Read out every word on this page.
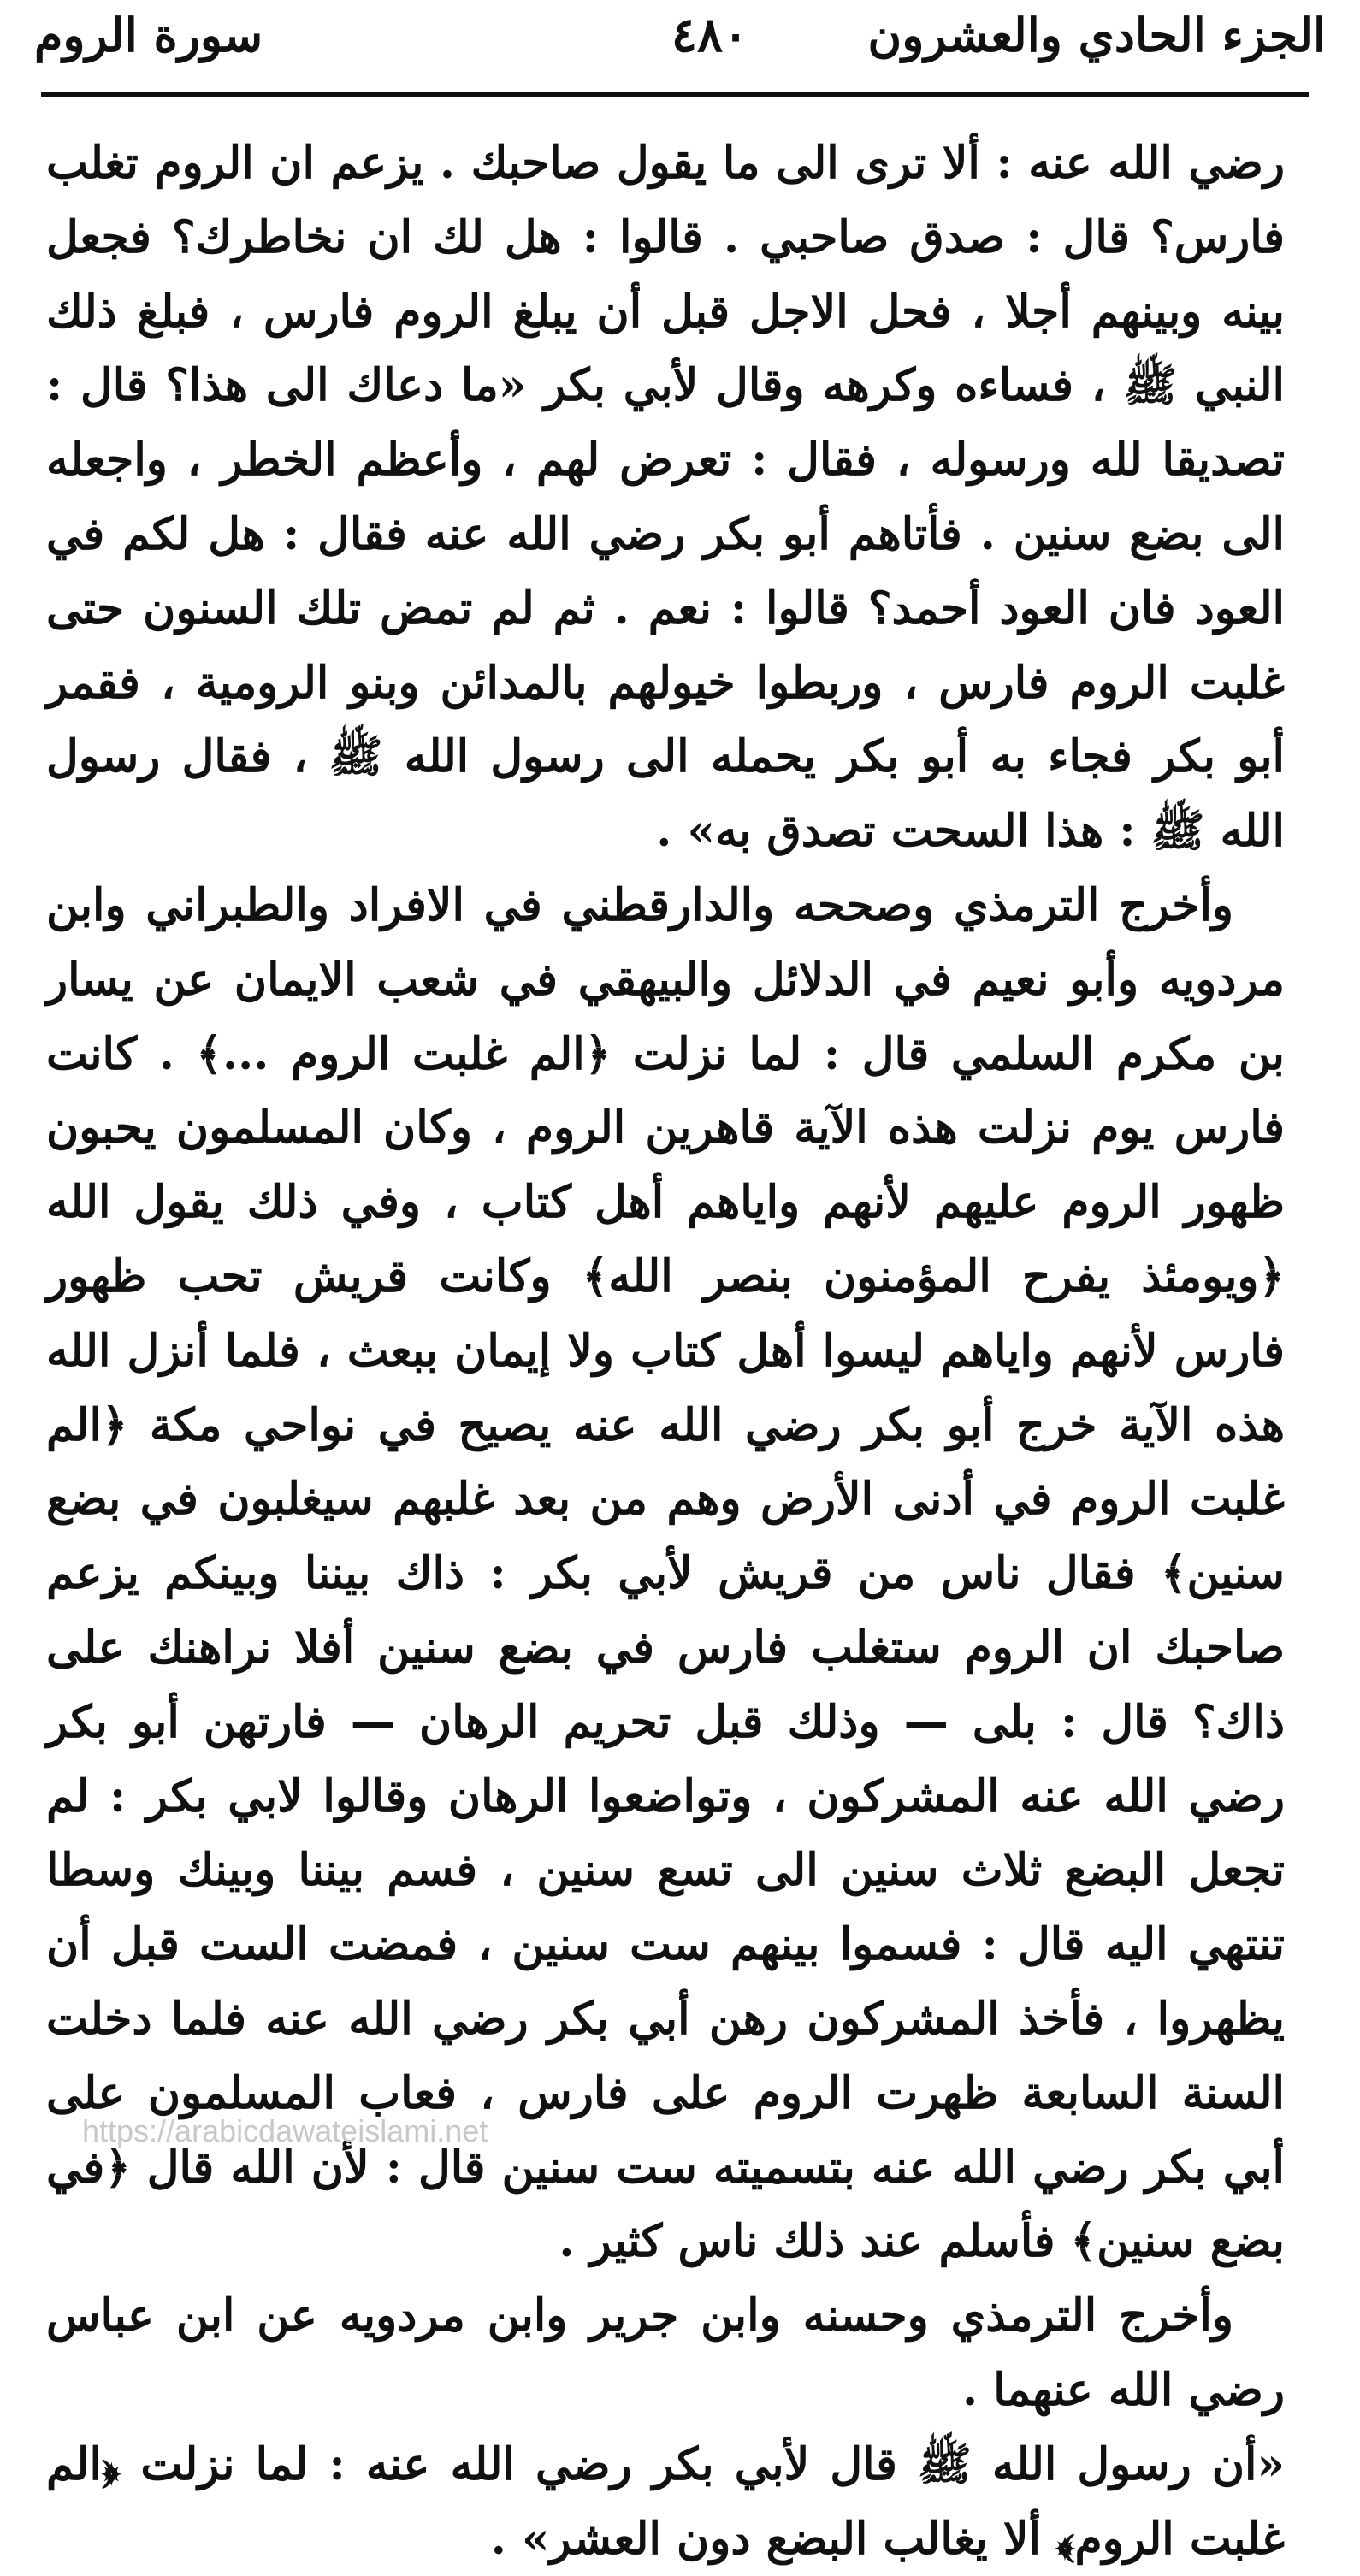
الجزء الحادي والعشرون
٤٨٠
سورة الروم

رضي الله عنه : ألا ترى الى ما يقول صاحبك . يزعم ان الروم تغلب فارس؟ قال : صدق صاحبي . قالوا : هل لك ان نخاطرك؟ فجعل بينه وبينهم أجلا ، فحل الاجل قبل أن يبلغ الروم فارس ، فبلغ ذلك النبي ﷺ ، فساءه وكرهه وقال لأبي بكر «ما دعاك الى هذا؟ قال : تصديقا لله ورسوله ، فقال : تعرض لهم ، وأعظم الخطر ، واجعله الى بضع سنين . فأتاهم أبو بكر رضي الله عنه فقال : هل لكم في العود فان العود أحمد؟ قالوا : نعم . ثم لم تمض تلك السنون حتى غلبت الروم فارس ، وربطوا خيولهم بالمدائن وبنو الرومية ، فقمر أبو بكر فجاء به أبو بكر يحمله الى رسول الله ﷺ ، فقال رسول الله ﷺ : هذا السحت تصدق به» .

وأخرج الترمذي وصححه والدارقطني في الافراد والطبراني وابن مردويه وأبو نعيم في الدلائل والبيهقي في شعب الايمان عن يسار بن مكرم السلمي قال : لما نزلت ﴿الم غلبت الروم ...﴾ . كانت فارس يوم نزلت هذه الآية قاهرين الروم ، وكان المسلمون يحبون ظهور الروم عليهم لأنهم واياهم أهل كتاب ، وفي ذلك يقول الله ﴿ويومئذ يفرح المؤمنون بنصر الله﴾ وكانت قريش تحب ظهور فارس لأنهم واياهم ليسوا أهل كتاب ولا إيمان ببعث ، فلما أنزل الله هذه الآية خرج أبو بكر رضي الله عنه يصيح في نواحي مكة ﴿الم غلبت الروم في أدنى الأرض وهم من بعد غلبهم سيغلبون في بضع سنين﴾ فقال ناس من قريش لأبي بكر : ذاك بيننا وبينكم يزعم صاحبك ان الروم ستغلب فارس في بضع سنين أفلا نراهنك على ذاك؟ قال : بلى — وذلك قبل تحريم الرهان — فارتهن أبو بكر رضي الله عنه المشركون ، وتواضعوا الرهان وقالوا لابي بكر : لم تجعل البضع ثلاث سنين الى تسع سنين ، فسم بيننا وبينك وسطا تنتهي اليه قال : فسموا بينهم ست سنين ، فمضت الست قبل أن يظهروا ، فأخذ المشركون رهن أبي بكر رضي الله عنه فلما دخلت السنة السابعة ظهرت الروم على فارس ، فعاب المسلمون على أبي بكر رضي الله عنه بتسميته ست سنين قال : لأن الله قال ﴿في بضع سنين﴾ فأسلم عند ذلك ناس كثير .

وأخرج الترمذي وحسنه وابن جرير وابن مردويه عن ابن عباس رضي الله عنهما .

«أن رسول الله ﷺ قال لأبي بكر رضي الله عنه : لما نزلت ﴿الم غلبت الروم﴾ ألا يغالب البضع دون العشر» .

https://arabicdawateislami.net
